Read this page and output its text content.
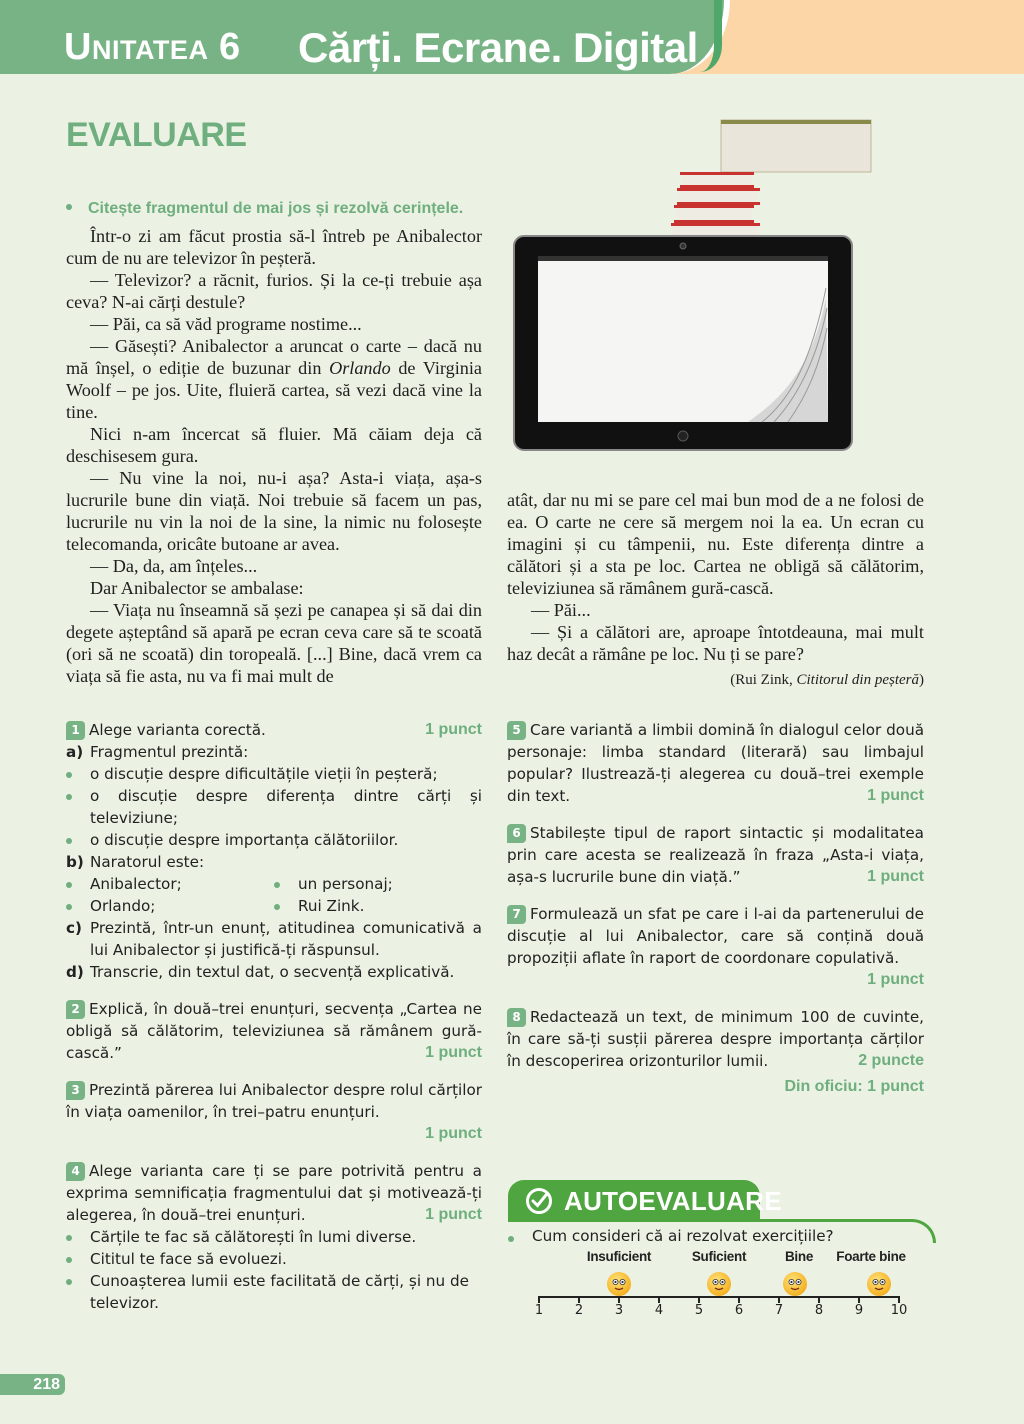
UNITATEA 6 Cărți. Ecrane. Digital
EVALUARE
Citește fragmentul de mai jos și rezolvă cerințele.

Într-o zi am făcut prostia să-l întreb pe Anibalector cum de nu are televizor în peșteră.

— Televizor? a răcnit, furios. Și la ce-ți trebuie așa ceva? N-ai cărți destule?

— Păi, ca să văd programe nostime...

— Găsești? Anibalector a aruncat o carte – dacă nu mă înșel, o ediție de buzunar din Orlando de Virginia Woolf – pe jos. Uite, fluieră cartea, să vezi dacă vine la tine.

Nici n-am încercat să fluier. Mă căiam deja că deschisesem gura.

— Nu vine la noi, nu-i așa? Asta-i viața, așa-s lucrurile bune din viață. Noi trebuie să facem un pas, lucrurile nu vin la noi de la sine, la nimic nu folosește telecomanda, oricâte butoane ar avea.

— Da, da, am înțeles...

Dar Anibalector se ambalase:

— Viața nu înseamnă să șezi pe canapea și să dai din degete așteptând să apară pe ecran ceva care să te scoată (ori să ne scoată) din toropeală. [...] Bine, dacă vrem ca viața să fie asta, nu va fi mai mult de

atât, dar nu mi se pare cel mai bun mod de a ne folosi de ea. O carte ne cere să mergem noi la ea. Un ecran cu imagini și cu tâmpenii, nu. Este diferența dintre a călători și a sta pe loc. Cartea ne obligă să călătorim, televiziunea să rămânem gură-cască.

— Păi...

— Și a călători are, aproape întotdeauna, mai mult haz decât a rămâne pe loc. Nu ți se pare?

(Rui Zink, Cititorul din peșteră)
1 Alege varianta corectă.	1 punct
a) Fragmentul prezintă:
o discuție despre dificultățile vieții în peșteră;
o discuție despre diferența dintre cărți și televiziune;
o discuție despre importanța călătoriilor.
b) Naratorul este:
Anibalector;	un personaj;
Orlando;	Rui Zink.
c) Prezintă, într-un enunț, atitudinea comunicativă a lui Anibalector și justifică-ți răspunsul.
d) Transcrie, din textul dat, o secvență explicativă.
2 Explică, în două–trei enunțuri, secvența „Cartea ne obligă să călătorim, televiziunea să rămânem gură-cască.”	1 punct
3 Prezintă părerea lui Anibalector despre rolul cărților în viața oamenilor, în trei–patru enunțuri.
1 punct
4 Alege varianta care ți se pare potrivită pentru a exprima semnificația fragmentului dat și motivează-ți alegerea, în două–trei enunțuri.	1 punct
Cărțile te fac să călătorești în lumi diverse.
Cititul te face să evoluezi.
Cunoașterea lumii este facilitată de cărți, și nu de televizor.
5 Care variantă a limbii domină în dialogul celor două personaje: limba standard (literară) sau limbajul popular? Ilustrează-ți alegerea cu două–trei exemple din text.	1 punct
6 Stabilește tipul de raport sintactic și modalitatea prin care acesta se realizează în fraza „Asta-i viața, așa-s lucrurile bune din viață.”	1 punct
7 Formulează un sfat pe care i l-ai da partenerului de discuție al lui Anibalector, care să conțină două propoziții aflate în raport de coordonare copulativă.
1 punct
8 Redactează un text, de minimum 100 de cuvinte, în care să-ți susții părerea despre importanța cărților în descoperirea orizonturilor lumii.	2 puncte
Din oficiu: 1 punct
AUTOEVALUARE
Cum consideri că ai rezolvat exercițiile?
1 2 3 4 5 6 7 8 9 10
Insuficient	Suficient	Bine Foarte bine
218
